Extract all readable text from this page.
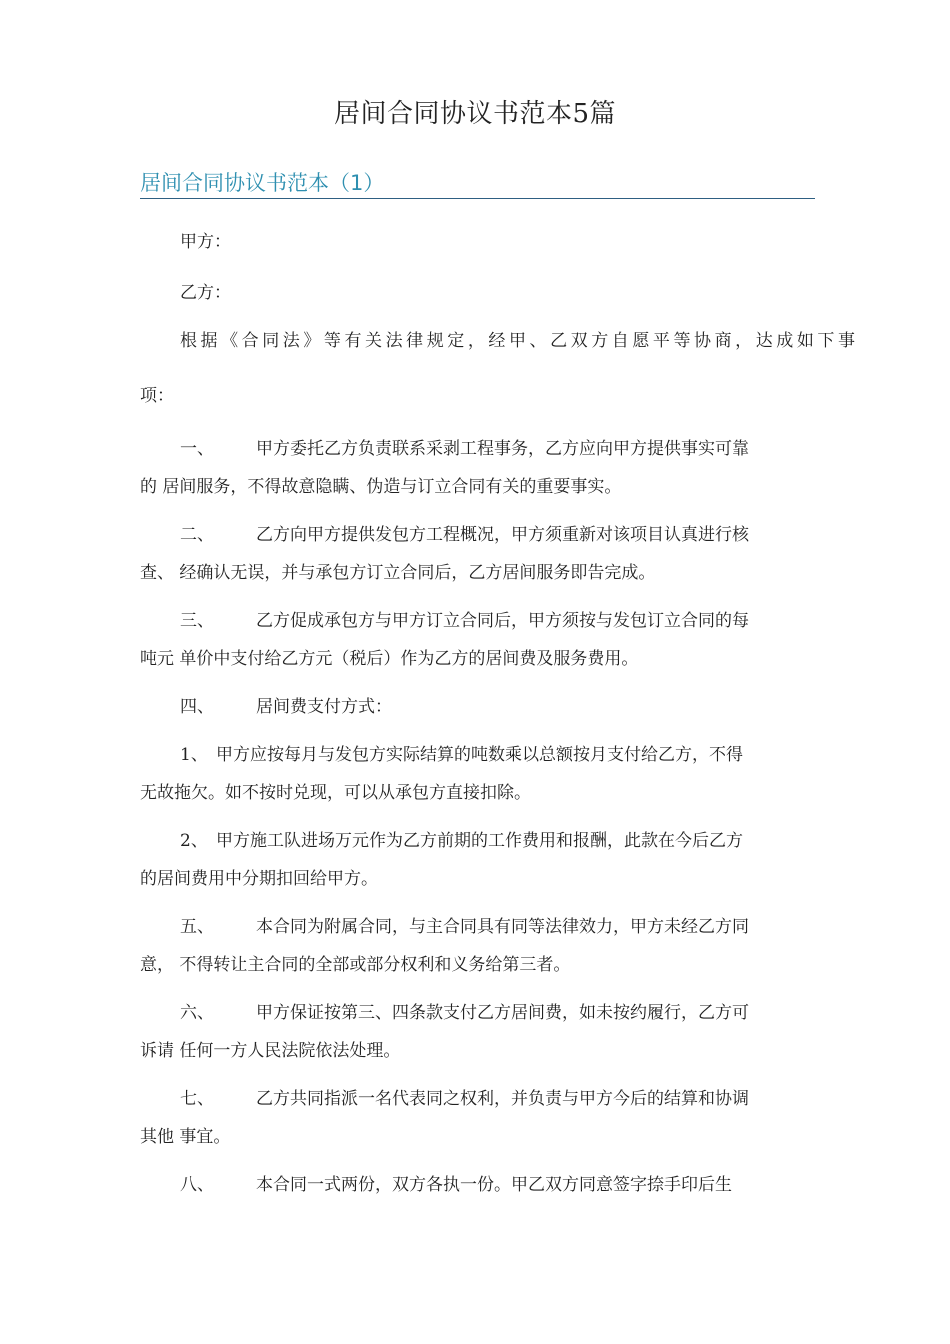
居间合同协议书范本5篇
居间合同协议书范本（1）
甲方：
乙方：
根据《合同法》等有关法律规定，经甲、乙双方自愿平等协商，达成如下事
项：
一、 甲方委托乙方负责联系采剥工程事务，乙方应向甲方提供事实可靠
的 居间服务，不得故意隐瞒、伪造与订立合同有关的重要事实。
二、 乙方向甲方提供发包方工程概况，甲方须重新对该项目认真进行核
查、 经确认无误，并与承包方订立合同后，乙方居间服务即告完成。
三、 乙方促成承包方与甲方订立合同后，甲方须按与发包订立合同的每
吨元 单价中支付给乙方元（税后）作为乙方的居间费及服务费用。
四、 居间费支付方式：
1、 甲方应按每月与发包方实际结算的吨数乘以总额按月支付给乙方，不得
无故拖欠。如不按时兑现，可以从承包方直接扣除。
2、 甲方施工队进场万元作为乙方前期的工作费用和报酬，此款在今后乙方
的居间费用中分期扣回给甲方。
五、 本合同为附属合同，与主合同具有同等法律效力，甲方未经乙方同
意， 不得转让主合同的全部或部分权利和义务给第三者。
六、 甲方保证按第三、四条款支付乙方居间费，如未按约履行，乙方可
诉请 任何一方人民法院依法处理。
七、 乙方共同指派一名代表同之权利，并负责与甲方今后的结算和协调
其他 事宜。
八、 本合同一式两份，双方各执一份。甲乙双方同意签字捺手印后生
